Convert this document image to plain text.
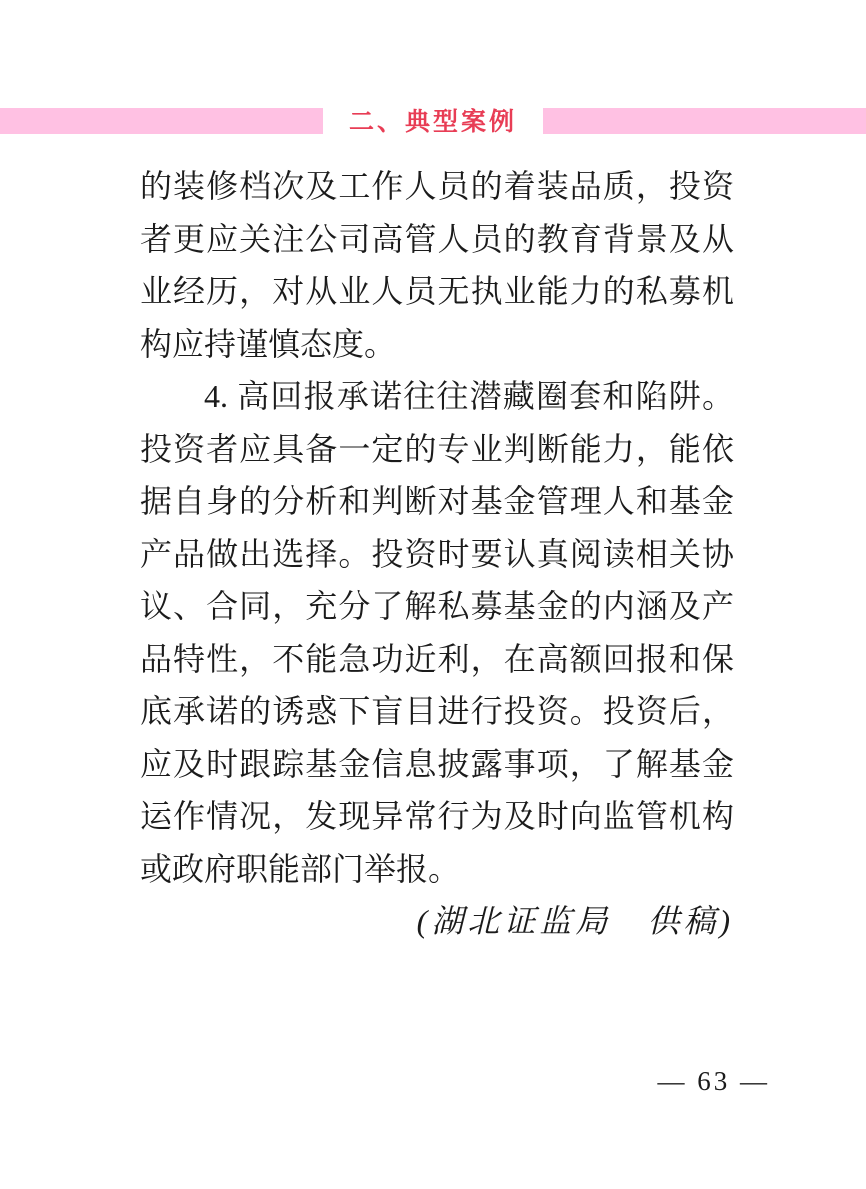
二、典型案例
的装修档次及工作人员的着装品质，投资
者更应关注公司高管人员的教育背景及从
业经历，对从业人员无执业能力的私募机
构应持谨慎态度。
4. 高回报承诺往往潜藏圈套和陷阱。
投资者应具备一定的专业判断能力，能依
据自身的分析和判断对基金管理人和基金
产品做出选择。投资时要认真阅读相关协
议、合同，充分了解私募基金的内涵及产
品特性，不能急功近利，在高额回报和保
底承诺的诱惑下盲目进行投资。投资后，
应及时跟踪基金信息披露事项，了解基金
运作情况，发现异常行为及时向监管机构
或政府职能部门举报。
(湖北证监局　供稿)
— 63 —
